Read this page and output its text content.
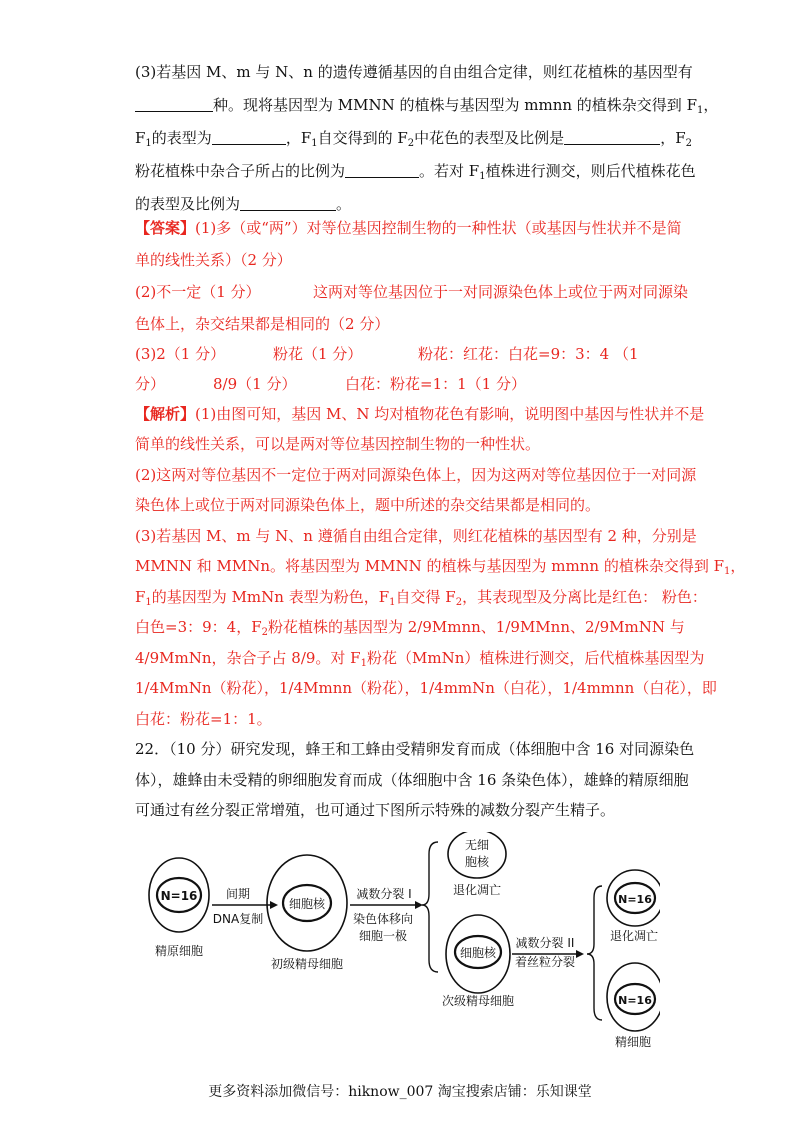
(3)若基因 M、m 与 N、n 的遗传遵循基因的自由组合定律，则红花植株的基因型有
种。现将基因型为 MMNN 的植株与基因型为 mmnn 的植株杂交得到 $F_1$，
$F_1$的表型为	，$F_1$自交得到的 $F_2$中花色的表型及比例是	，$F_2$
粉花植株中杂合子所占的比例为	。若对 $F_1$植株进行测交，则后代植株花色
的表型及比例为	。
【答案】(1)多（或“两”）对等位基因控制生物的一种性状（或基因与性状并不是简
单的线性关系）（2 分）
(2)不一定（1 分）	这两对等位基因位于一对同源染色体上或位于两对同源染
色体上，杂交结果都是相同的（2 分）
(3)2（1 分）	粉花（1 分）	粉花：红花：白花=9：3：4 （1
分）	8/9（1 分）	白花：粉花=1：1（1 分）
【解析】(1)由图可知，基因 M、N 均对植物花色有影响，说明图中基因与性状并不是
简单的线性关系，可以是两对等位基因控制生物的一种性状。
(2)这两对等位基因不一定位于两对同源染色体上，因为这两对等位基因位于一对同源
染色体上或位于两对同源染色体上，题中所述的杂交结果都是相同的。
(3)若基因 M、m 与 N、n 遵循自由组合定律，则红花植株的基因型有 2 种，分别是
MMNN 和 MMNn。将基因型为 MMNN 的植株与基因型为 mmnn 的植株杂交得到 $F_1$，
$F_1$的基因型为 MmNn 表型为粉色，$F_1$自交得 $F_2$，其表现型及分离比是红色： 粉色：
白色=3：9：4，$F_2$粉花植株的基因型为 2/9Mmnn、1/9MMnn、2/9MmNN 与
4/9MmNn，杂合子占 8/9。对 $F_1$粉花（MmNn）植株进行测交，后代植株基因型为
1/4MmNn（粉花），1/4Mmnn（粉花），1/4mmNn（白花），1/4mmnn（白花），即
白花：粉花=1：1。
22．（10 分）研究发现，蜂王和工蜂由受精卵发育而成（体细胞中含 16 对同源染色
体），雄蜂由未受精的卵细胞发育而成（体细胞中含 16 条染色体），雄蜂的精原细胞
可通过有丝分裂正常增殖，也可通过下图所示特殊的减数分裂产生精子。
N=16
精原细胞
间期
DNA复制
细胞核
初级精母细胞
减数分裂 I
染色体移向
细胞一极
无细
胞核
退化凋亡
细胞核
次级精母细胞
减数分裂 II
着丝粒分裂
N=16
退化凋亡
N=16
精细胞
更多资料添加微信号：hiknow_007 淘宝搜索店铺：乐知课堂
